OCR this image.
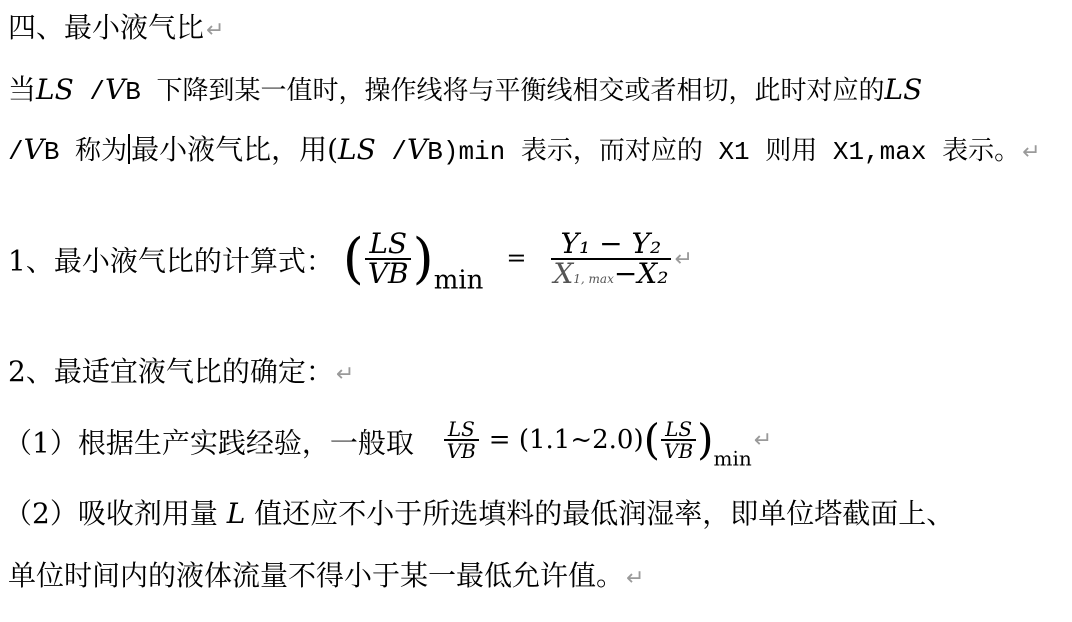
四、最小液气比↵
当LS /VB 下降到某一值时，操作线将与平衡线相交或者相切，此时对应的LS
/VB 称为 最小液气比，用(LS /VB)min 表示，而对应的 X1 则用 X1,max 表示。↵
1、最小液气比的计算式： ( $\frac{LS}{VB} )\min = \frac{\text{Y₁ − Y₂}}{\text{X1, max−X₂}}$ ↵
2、最适宜液气比的确定：↵
（1）根据生产实践经验，一般取 $\frac{LS}{VB}$ = (1.1~2.0)( $\frac{LS}{VB}$ )$_{min}↵$
（2）吸收剂用量 L 值还应不小于所选填料的最低润湿率，即单位塔截面上、
单位时间内的液体流量不得小于某一最低允许值。↵
